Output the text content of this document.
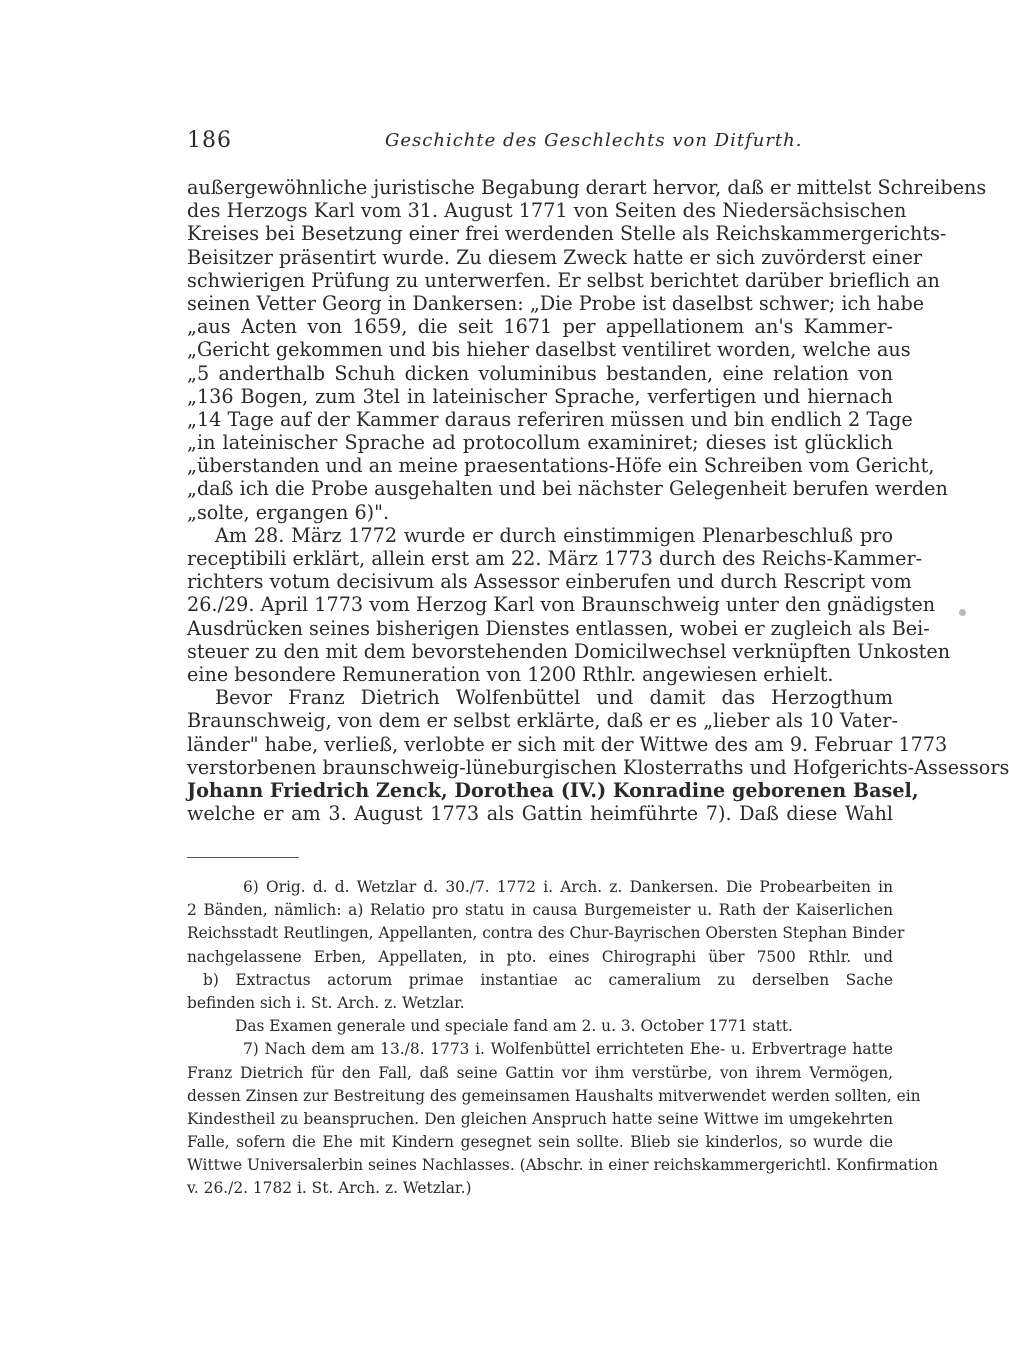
186	Geschichte des Geschlechts von Ditfurth.
außergewöhnliche juristische Begabung derart hervor, daß er mittelst Schreibens
des Herzogs Karl vom 31. August 1771 von Seiten des Niedersächsischen
Kreises bei Besetzung einer frei werdenden Stelle als Reichskammergerichts-
Beisitzer präsentirt wurde. Zu diesem Zweck hatte er sich zuvörderst einer
schwierigen Prüfung zu unterwerfen. Er selbst berichtet darüber brieflich an
seinen Vetter Georg in Dankersen: „Die Probe ist daselbst schwer; ich habe
„aus Acten von 1659, die seit 1671 per appellationem an's Kammer-
„Gericht gekommen und bis hieher daselbst ventiliret worden, welche aus
„5 anderthalb Schuh dicken voluminibus bestanden, eine relation von
„136 Bogen, zum 3tel in lateinischer Sprache, verfertigen und hiernach
„14 Tage auf der Kammer daraus referiren müssen und bin endlich 2 Tage
„in lateinischer Sprache ad protocollum examiniret; dieses ist glücklich
„überstanden und an meine praesentations-Höfe ein Schreiben vom Gericht,
„daß ich die Probe ausgehalten und bei nächster Gelegenheit berufen werden
„solte, ergangen 6)".
Am 28. März 1772 wurde er durch einstimmigen Plenarbeschluß pro
receptibili erklärt, allein erst am 22. März 1773 durch des Reichs-Kammer-
richters votum decisivum als Assessor einberufen und durch Rescript vom
26./29. April 1773 vom Herzog Karl von Braunschweig unter den gnädigsten
Ausdrücken seines bisherigen Dienstes entlassen, wobei er zugleich als Bei-
steuer zu den mit dem bevorstehenden Domicilwechsel verknüpften Unkosten
eine besondere Remuneration von 1200 Rthlr. angewiesen erhielt.
Bevor Franz Dietrich Wolfenbüttel und damit das Herzogthum
Braunschweig, von dem er selbst erklärte, daß er es „lieber als 10 Vater-
länder" habe, verließ, verlobte er sich mit der Wittwe des am 9. Februar 1773
verstorbenen braunschweig-lüneburgischen Klosterraths und Hofgerichts-Assessors
Johann Friedrich Zenck, Dorothea (IV.) Konradine geborenen Basel,
welche er am 3. August 1773 als Gattin heimführte 7). Daß diese Wahl
6) Orig. d. d. Wetzlar d. 30./7. 1772 i. Arch. z. Dankersen. Die Probearbeiten in
2 Bänden, nämlich: a) Relatio pro statu in causa Burgemeister u. Rath der Kaiserlichen
Reichsstadt Reutlingen, Appellanten, contra des Chur-Bayrischen Obersten Stephan Binder
nachgelassene Erben, Appellaten, in pto. eines Chirographi über 7500 Rthlr. und
b) Extractus actorum primae instantiae ac cameralium zu derselben Sache
befinden sich i. St. Arch. z. Wetzlar.
Das Examen generale und speciale fand am 2. u. 3. October 1771 statt.
7) Nach dem am 13./8. 1773 i. Wolfenbüttel errichteten Ehe- u. Erbvertrage hatte
Franz Dietrich für den Fall, daß seine Gattin vor ihm verstürbe, von ihrem Vermögen,
dessen Zinsen zur Bestreitung des gemeinsamen Haushalts mitverwendet werden sollten, ein
Kindestheil zu beanspruchen. Den gleichen Anspruch hatte seine Wittwe im umgekehrten
Falle, sofern die Ehe mit Kindern gesegnet sein sollte. Blieb sie kinderlos, so wurde die
Wittwe Universalerbin seines Nachlasses. (Abschr. in einer reichskammergerichtl. Konfirmation
v. 26./2. 1782 i. St. Arch. z. Wetzlar.)
